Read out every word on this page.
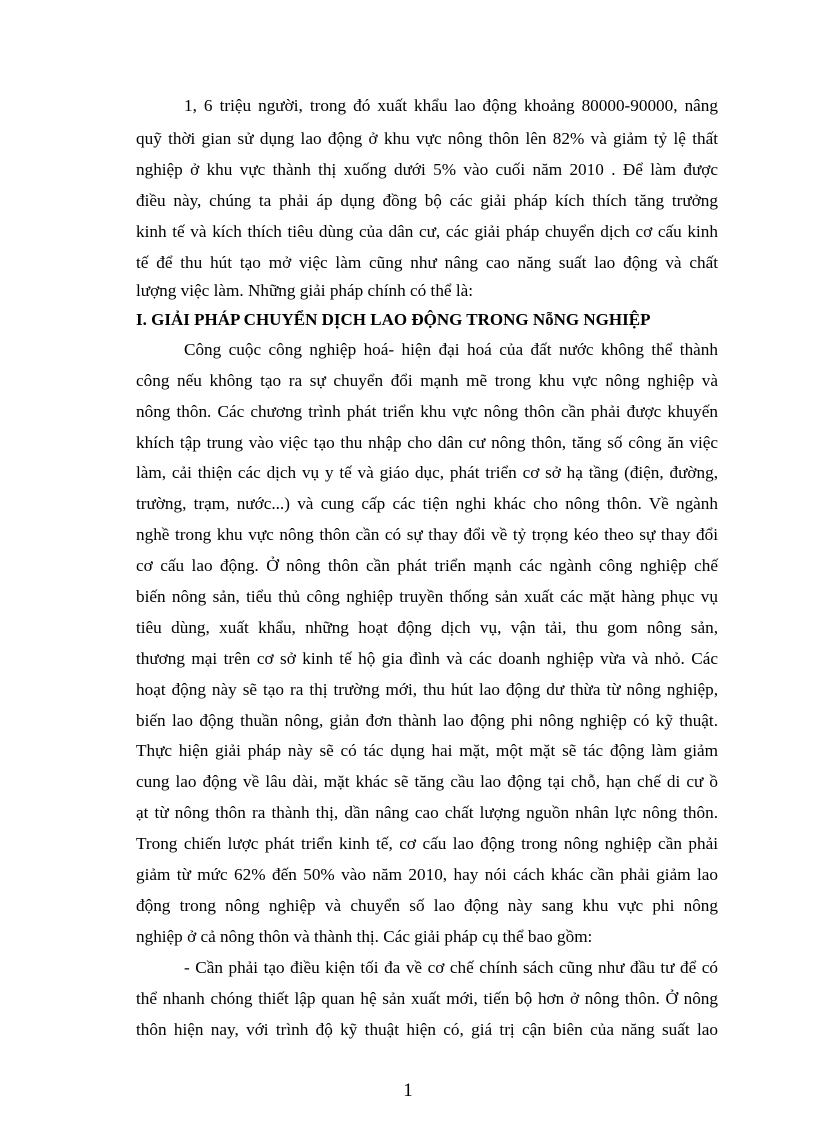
1, 6 triệu người, trong đó xuất khẩu lao động khoảng 80000-90000, nâng
quỹ thời gian sử dụng lao động ở khu vực nông thôn lên 82% và giảm tỷ lệ thất
nghiệp ở khu vực thành thị xuống dưới 5% vào cuối năm 2010 . Để làm được
điều này, chúng ta phải áp dụng đồng bộ các giải pháp kích thích tăng trưởng
kinh tế và kích thích tiêu dùng của dân cư, các giải pháp chuyển dịch cơ cấu kinh
tế để thu hút tạo mở việc làm cũng như nâng cao năng suất lao động và chất
lượng việc làm. Những giải pháp chính có thể là:
I. GIẢI PHÁP CHUYỂN DỊCH LAO ĐỘNG TRONG NỗNG NGHIỆP
Công cuộc công nghiệp hoá- hiện đại hoá của đất nước không thể thành
công nếu không tạo ra sự chuyển đổi mạnh mẽ trong khu vực nông nghiệp và
nông thôn. Các chương trình phát triển khu vực nông thôn cần phải được khuyến
khích tập trung vào việc tạo thu nhập cho dân cư nông thôn, tăng số công ăn việc
làm, cải thiện các dịch vụ y tế và giáo dục, phát triển cơ sở hạ tầng (điện, đường,
trường, trạm, nước...) và cung cấp các tiện nghi khác cho nông thôn. Về ngành
nghề trong khu vực nông thôn cần có sự thay đổi về tỷ trọng kéo theo sự thay đổi
cơ cấu lao động. Ở nông thôn cần phát triển mạnh các ngành công nghiệp chế
biến nông sản, tiểu thủ công nghiệp truyền thống sản xuất các mặt hàng phục vụ
tiêu dùng, xuất khẩu, những hoạt động dịch vụ, vận tải, thu gom nông sản,
thương mại trên cơ sở kinh tế hộ gia đình và các doanh nghiệp vừa và nhỏ. Các
hoạt động này sẽ tạo ra thị trường mới, thu hút lao động dư thừa từ nông nghiệp,
biến lao động thuần nông, giản đơn thành lao động phi nông nghiệp có kỹ thuật.
Thực hiện giải pháp này sẽ có tác dụng hai mặt, một mặt sẽ tác động làm giảm
cung lao động về lâu dài, mặt khác sẽ tăng cầu lao động tại chỗ, hạn chế di cư ồ
ạt từ nông thôn ra thành thị, dần nâng cao chất lượng nguồn nhân lực nông thôn.
Trong chiến lược phát triển kinh tế, cơ cấu lao động trong nông nghiệp cần phải
giảm từ mức 62% đến 50% vào năm 2010, hay nói cách khác cần phải giảm lao
động trong nông nghiệp và chuyển số lao động này sang khu vực phi nông
nghiệp ở cả nông thôn và thành thị. Các giải pháp cụ thể bao gồm:
- Cần phải tạo điều kiện tối đa về cơ chế chính sách cũng như đầu tư để có
thể nhanh chóng thiết lập quan hệ sản xuất mới, tiến bộ hơn ở nông thôn. Ở nông
thôn hiện nay, với trình độ kỹ thuật hiện có, giá trị cận biên của năng suất lao
1
